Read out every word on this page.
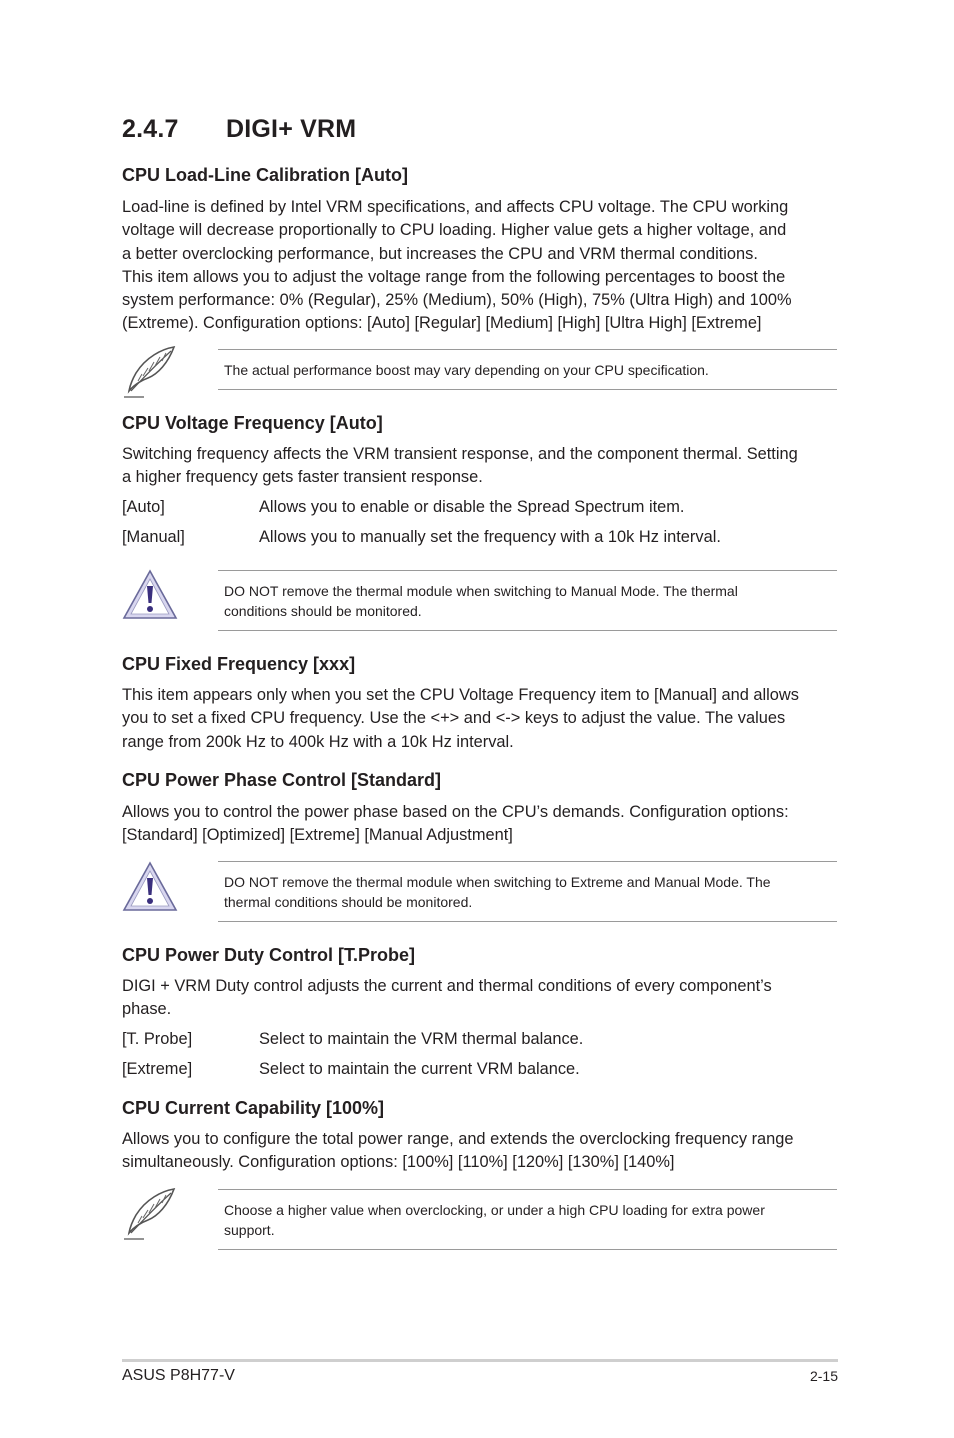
2.4.7 DIGI+ VRM
CPU Load-Line Calibration [Auto]
Load-line is defined by Intel VRM specifications, and affects CPU voltage. The CPU working
voltage will decrease proportionally to CPU loading. Higher value gets a higher voltage, and
a better overclocking performance, but increases the CPU and VRM thermal conditions.
This item allows you to adjust the voltage range from the following percentages to boost the
system performance: 0% (Regular), 25% (Medium), 50% (High), 75% (Ultra High) and 100%
(Extreme). Configuration options: [Auto] [Regular] [Medium] [High] [Ultra High] [Extreme]
The actual performance boost may vary depending on your CPU specification.
CPU Voltage Frequency [Auto]
Switching frequency affects the VRM transient response, and the component thermal. Setting
a higher frequency gets faster transient response.
[Auto]	Allows you to enable or disable the Spread Spectrum item.
[Manual]	Allows you to manually set the frequency with a 10k Hz interval.
DO NOT remove the thermal module when switching to Manual Mode. The thermal
conditions should be monitored.
CPU Fixed Frequency [xxx]
This item appears only when you set the CPU Voltage Frequency item to [Manual] and allows
you to set a fixed CPU frequency. Use the <+> and <-> keys to adjust the value. The values
range from 200k Hz to 400k Hz with a 10k Hz interval.
CPU Power Phase Control [Standard]
Allows you to control the power phase based on the CPU’s demands. Configuration options:
[Standard] [Optimized] [Extreme] [Manual Adjustment]
DO NOT remove the thermal module when switching to Extreme and Manual Mode. The
thermal conditions should be monitored.
CPU Power Duty Control [T.Probe]
DIGI + VRM Duty control adjusts the current and thermal conditions of every component’s
phase.
[T. Probe]	Select to maintain the VRM thermal balance.
[Extreme]	Select to maintain the current VRM balance.
CPU Current Capability [100%]
Allows you to configure the total power range, and extends the overclocking frequency range
simultaneously. Configuration options: [100%] [110%] [120%] [130%] [140%]
Choose a higher value when overclocking, or under a high CPU loading for extra power
support.
ASUS P8H77-V	2-15
